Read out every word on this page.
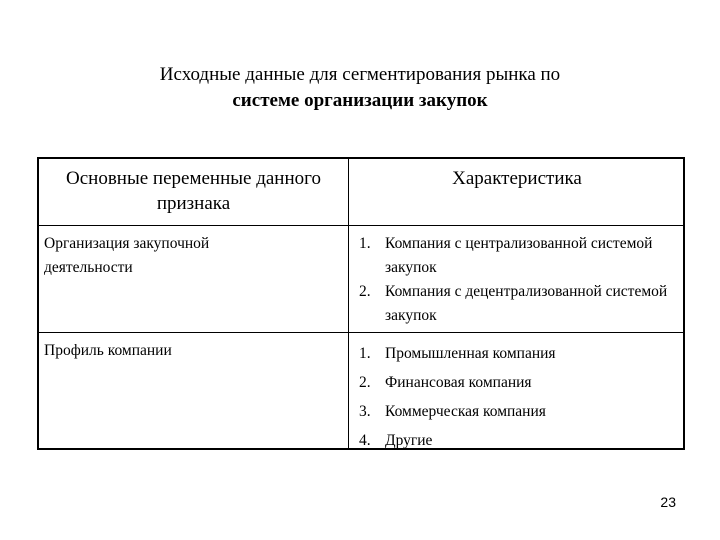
Исходные данные для сегментирования рынка по
системе организации закупок
Основные переменные данного признака
Характеристика
Организация закупочной деятельности
1. Компания с централизованной системой закупок
2. Компания с децентрализованной системой закупок
Профиль компании	1. Промышленная компания
2. Финансовая компания
3. Коммерческая компания
4. Другие
23
